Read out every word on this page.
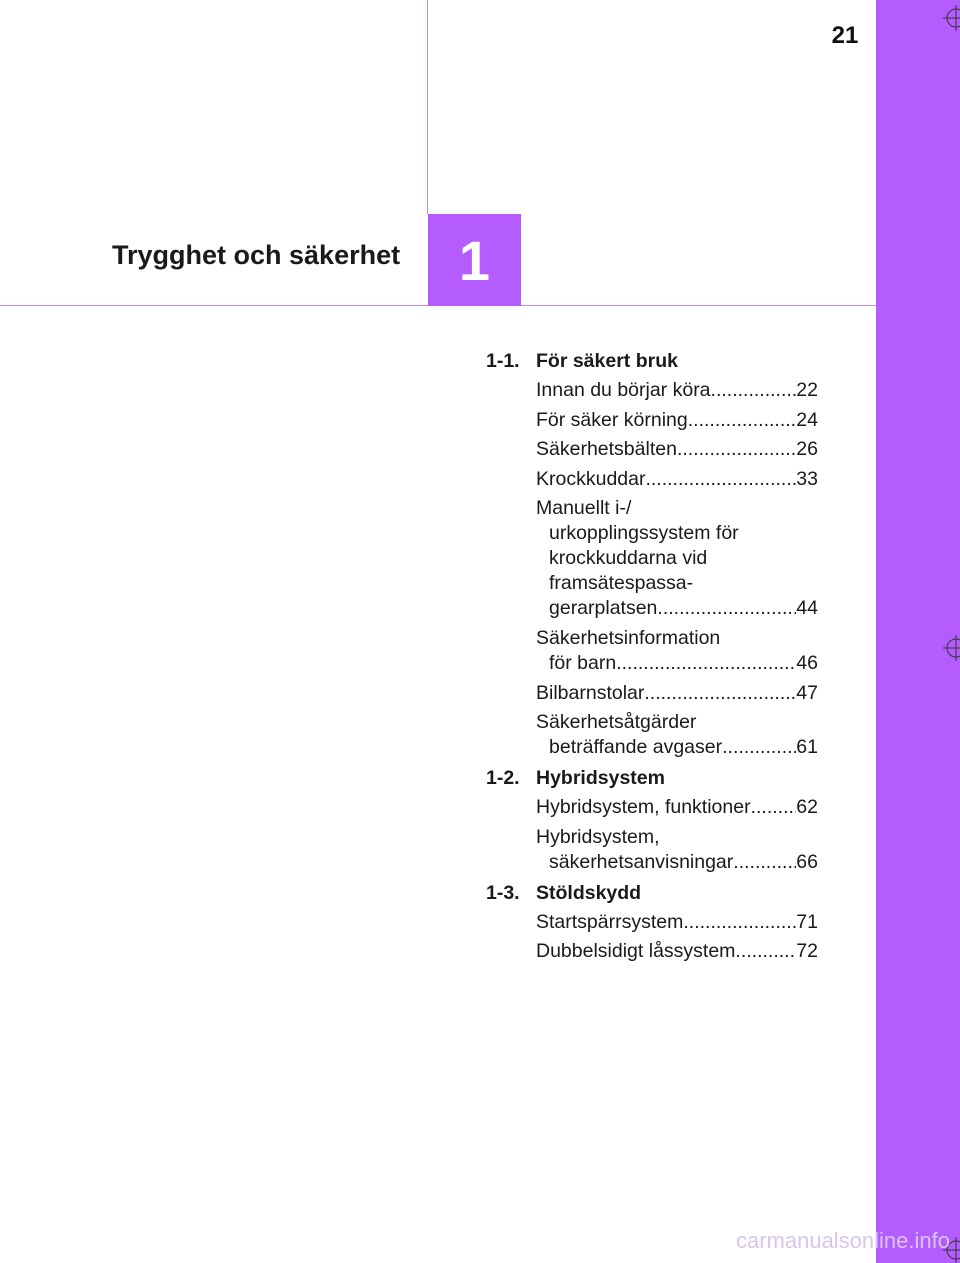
21
Trygghet och säkerhet	1
1-1. För säkert bruk
Innan du börjar köra .....	22
För säker körning .....	24
Säkerhetsbälten .....	26
Krockkuddar .....	33
Manuellt i-/
urkopplingssystem för
krockkuddarna vid
framsätespassa-
gerarplatsen .....	44
Säkerhetsinformation
för barn .....	46
Bilbarnstolar .....	47
Säkerhetsåtgärder
beträffande avgaser .....	61
1-2. Hybridsystem
Hybridsystem, funktioner ..... 62
Hybridsystem,
säkerhetsanvisningar .....	66
1-3. Stöldskydd
Startspärrsystem .....	71
Dubbelsidigt låssystem .....	72
carmanualsonline.info
